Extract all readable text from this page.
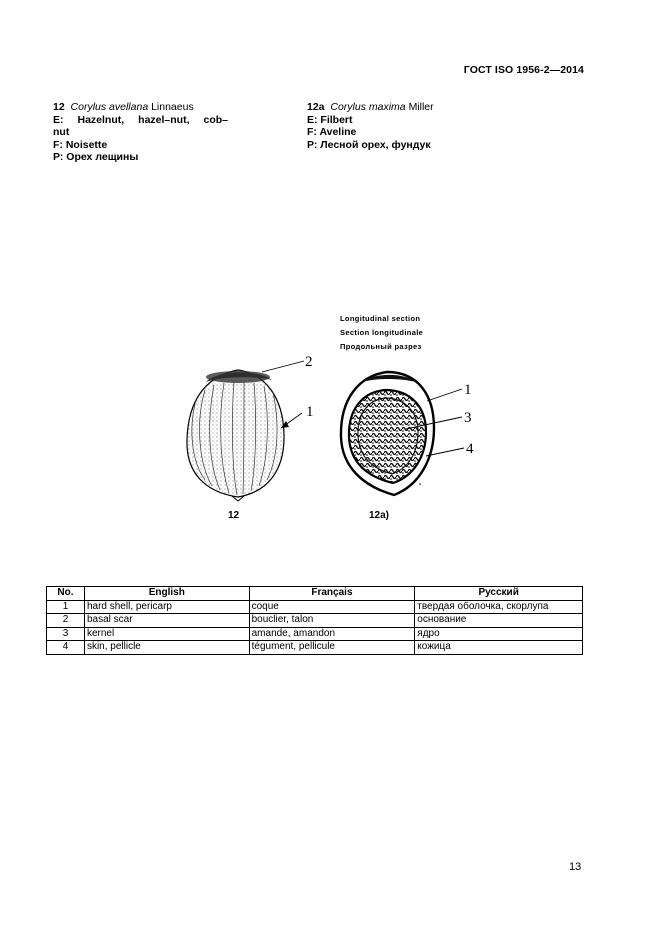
ГОСТ ISO 1956-2—2014
12 Corylus avellana Linnaeus
E: Hazelnut, hazel–nut, cob–
nut
F: Noisette
Р: Орех лещины
12a Corylus maxima Miller
E: Filbert
F: Aveline
Р: Лесной орех, фундук
Longitudinal section
Section longitudinale
Продольный разрез
2
1
1
3
4
12	12a)
No.	English	Français	Русский
1	hard shell, pericarp	coque	твердая оболочка, скорлупа
2	basal scar	bouclier, talon	основание
3	kernel	amande, amandon	ядро
4	skin, pellicle	tégument, pellicule	кожица
13
